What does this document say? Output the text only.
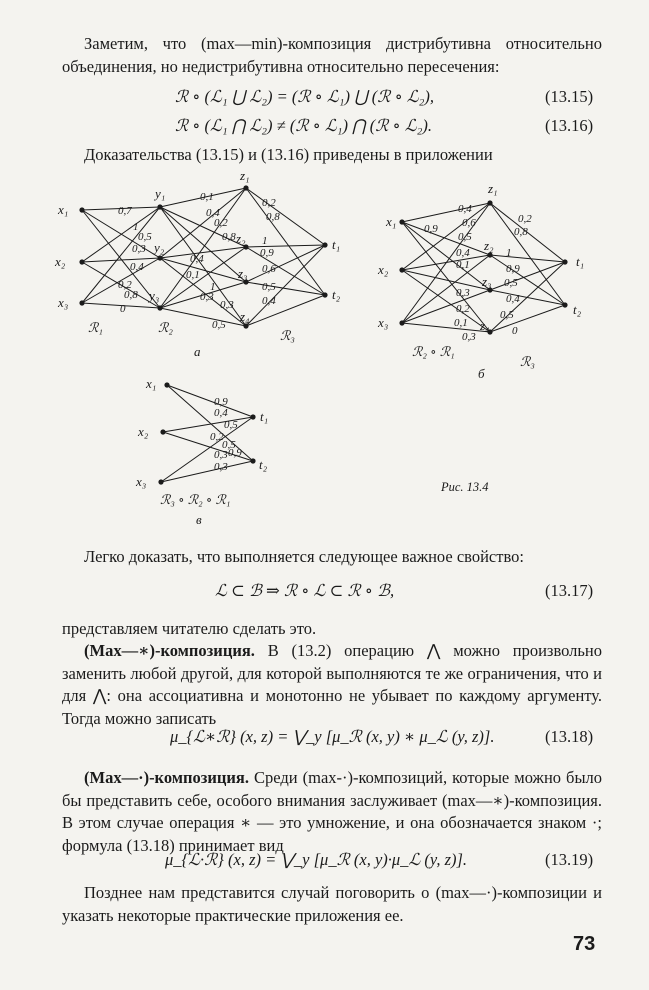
Заметим, что (max—min)-композиция дистрибутивна относительно объединения, но недистрибутивна относительно пересечения:
ℛ ∘ (ℒ₁ ⋃ ℒ₂) = (ℛ ∘ ℒ₁) ⋃ (ℛ ∘ ℒ₂),	(13.15)
ℛ ∘ (ℒ₁ ⋂ ℒ₂) ≠ (ℛ ∘ ℒ₁) ⋂ (ℛ ∘ ℒ₂).	(13.16)
Доказательства (13.15) и (13.16) приведены в приложении
x₁
x₂
x₃
y₁
y₂
y₃
z₁
z₂
z₃
z₄
t₁
t₂
ℛ₁	ℛ₂
ℛ₃
а
0,7
1
0,5
0,3
0,4
0,2
0,8
0
0,1
0,4
0,2
0,8
0,2
0,8
1
0,9
0,4
0,1
0,3
0,6
0,5
1
0,3	0,4
0,5
x₁
x₂
x₃
z₁
z₂
z₃
z₄
t₁
t₂
ℛ₂ ∘ ℛ₁
ℛ₃
б
0,4
0,9 0,6
0,5
0,4
0,1
0,2
0,8
1
0,9
0,5
0,3	0,4
0,5
0,2
0
0,1
0,3
x₁
x₂
x₃
t₁
t₂
ℛ₃ ∘ ℛ₂ ∘ ℛ₁
в
0,9
0,4
0,5
0,2
0,5
0,3 0,9
0,3
Рис. 13.4
Легко доказать, что выполняется следующее важное свойство:
ℒ ⊂ ℬ ⇒ ℛ ∘ ℒ ⊂ ℛ ∘ ℬ,	(13.17)
представляем читателю сделать это.
(Max—∗)-композиция. В (13.2) операцию ⋀ можно произвольно заменить любой другой, для которой выполняются те же ограничения, что и для ⋀: она ассоциативна и монотонно не убывает по каждому аргументу. Тогда можно записать
μ_{ℒ∗ℛ} (x, z) = ⋁_y [μ_ℛ (x, y) ∗ μ_ℒ (y, z)].	(13.18)
(Max—·)-композиция. Среди (max-·)-композиций, которые можно было бы представить себе, особого внимания заслуживает (max—∗)-композиция. В этом случае операция ∗ — это умножение, и она обозначается знаком ·; формула (13.18) принимает вид
μ_{ℒ·ℛ} (x, z) = ⋁_y [μ_ℛ (x, y)·μ_ℒ (y, z)].	(13.19)
Позднее нам представится случай поговорить о (max—·)-композиции и указать некоторые практические приложения ее.
73
